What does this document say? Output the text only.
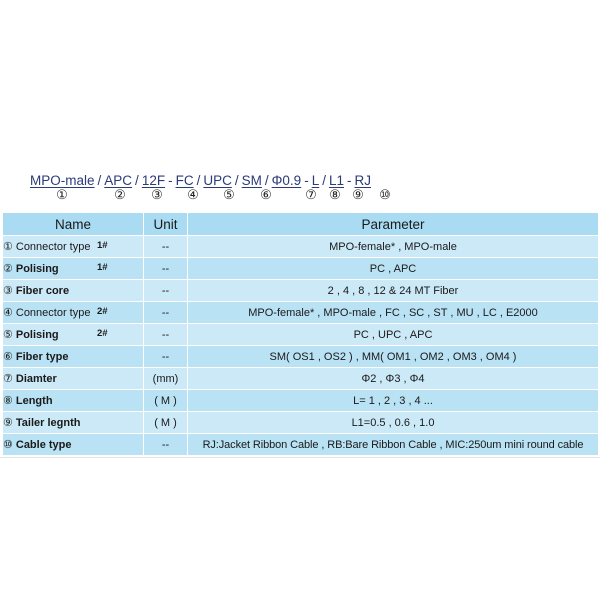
MPO-male / APC / 12F - FC / UPC / SM / Φ0.9 - L / L1 - RJ
①	② ③ ④ ⑤ ⑥	⑦ ⑧ ⑨ ⑩
Name	Unit	Parameter
① Connector type 1#	--	MPO-female* , MPO-male
② Polising 1#	--	PC , APC
③ Fiber core	--	2 , 4 , 8 , 12 & 24 MT Fiber
④ Connector type 2#	--	MPO-female* , MPO-male , FC , SC , ST , MU , LC , E2000
⑤ Polising 2#	--	PC , UPC , APC
⑥ Fiber type	--	SM( OS1 , OS2 ) , MM( OM1 , OM2 , OM3 , OM4 )
⑦ Diamter	(mm)	Φ2 , Φ3 , Φ4
⑧ Length	( M )	L= 1 , 2 , 3 , 4 ...
⑨ Tailer legnth	( M )	L1=0.5 , 0.6 , 1.0
⑩ Cable type	--	RJ:Jacket Ribbon Cable , RB:Bare Ribbon Cable , MIC:250um mini round cable
